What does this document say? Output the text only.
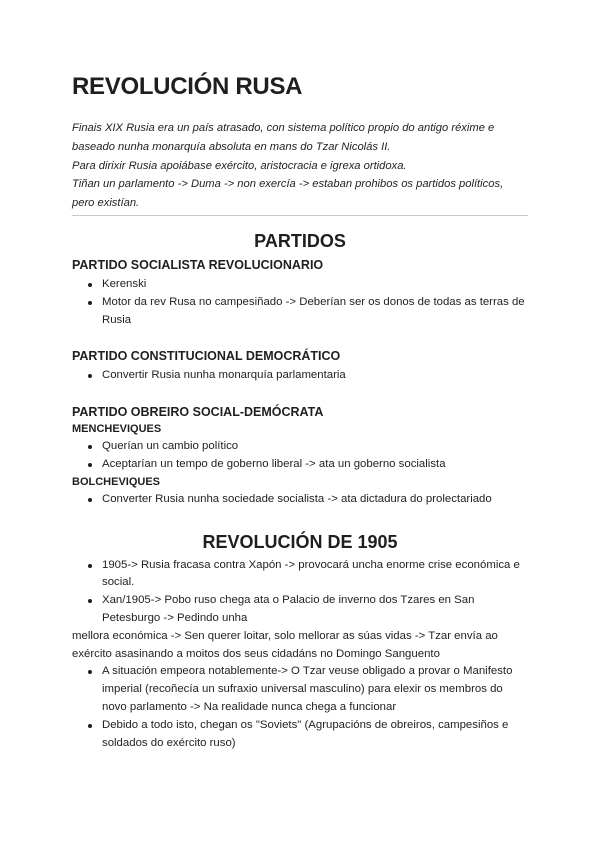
REVOLUCIÓN RUSA

Finais XIX Rusia era un país atrasado, con sistema político propio do antigo réxime e baseado nunha monarquía absoluta en mans do Tzar Nicolás II.

Para dirixir Rusia apoiábase exército, aristocracia e igrexa ortidoxa.

Tiñan un parlamento -> Duma -> non exercía -> estaban prohibos os partidos políticos, pero existían.

PARTIDOS
PARTIDO SOCIALISTA REVOLUCIONARIO
Kerenski
Motor da rev Rusa no campesiñado -> Deberían ser os donos de todas as terras de Rusia
PARTIDO CONSTITUCIONAL DEMOCRÁTICO
Convertir Rusia nunha monarquía parlamentaria
PARTIDO OBREIRO SOCIAL-DEMÓCRATA
MENCHEVIQUES
Querían un cambio político
Aceptarían un tempo de goberno liberal -> ata un goberno socialista
BOLCHEVIQUES
Converter Rusia nunha sociedade socialista -> ata dictadura do prolectariado
REVOLUCIÓN DE 1905
1905-> Rusia fracasa contra Xapón -> provocará uncha enorme crise económica e social.
Xan/1905-> Pobo ruso chega ata o Palacio de inverno dos Tzares en San Petesburgo -> Pedindo unha

mellora económica -> Sen querer loitar, solo mellorar as súas vidas -> Tzar envía ao exército asasinando a moitos dos seus cidadáns no Domingo Sanguento

A situación empeora notablemente-> O Tzar veuse obligado a provar o Manifesto imperial (recoñecía un sufraxio universal masculino) para elexir os membros do novo parlamento -> Na realidade nunca chega a funcionar
Debido a todo isto, chegan os "Soviets" (Agrupacións de obreiros, campesiños e soldados do exército ruso)
